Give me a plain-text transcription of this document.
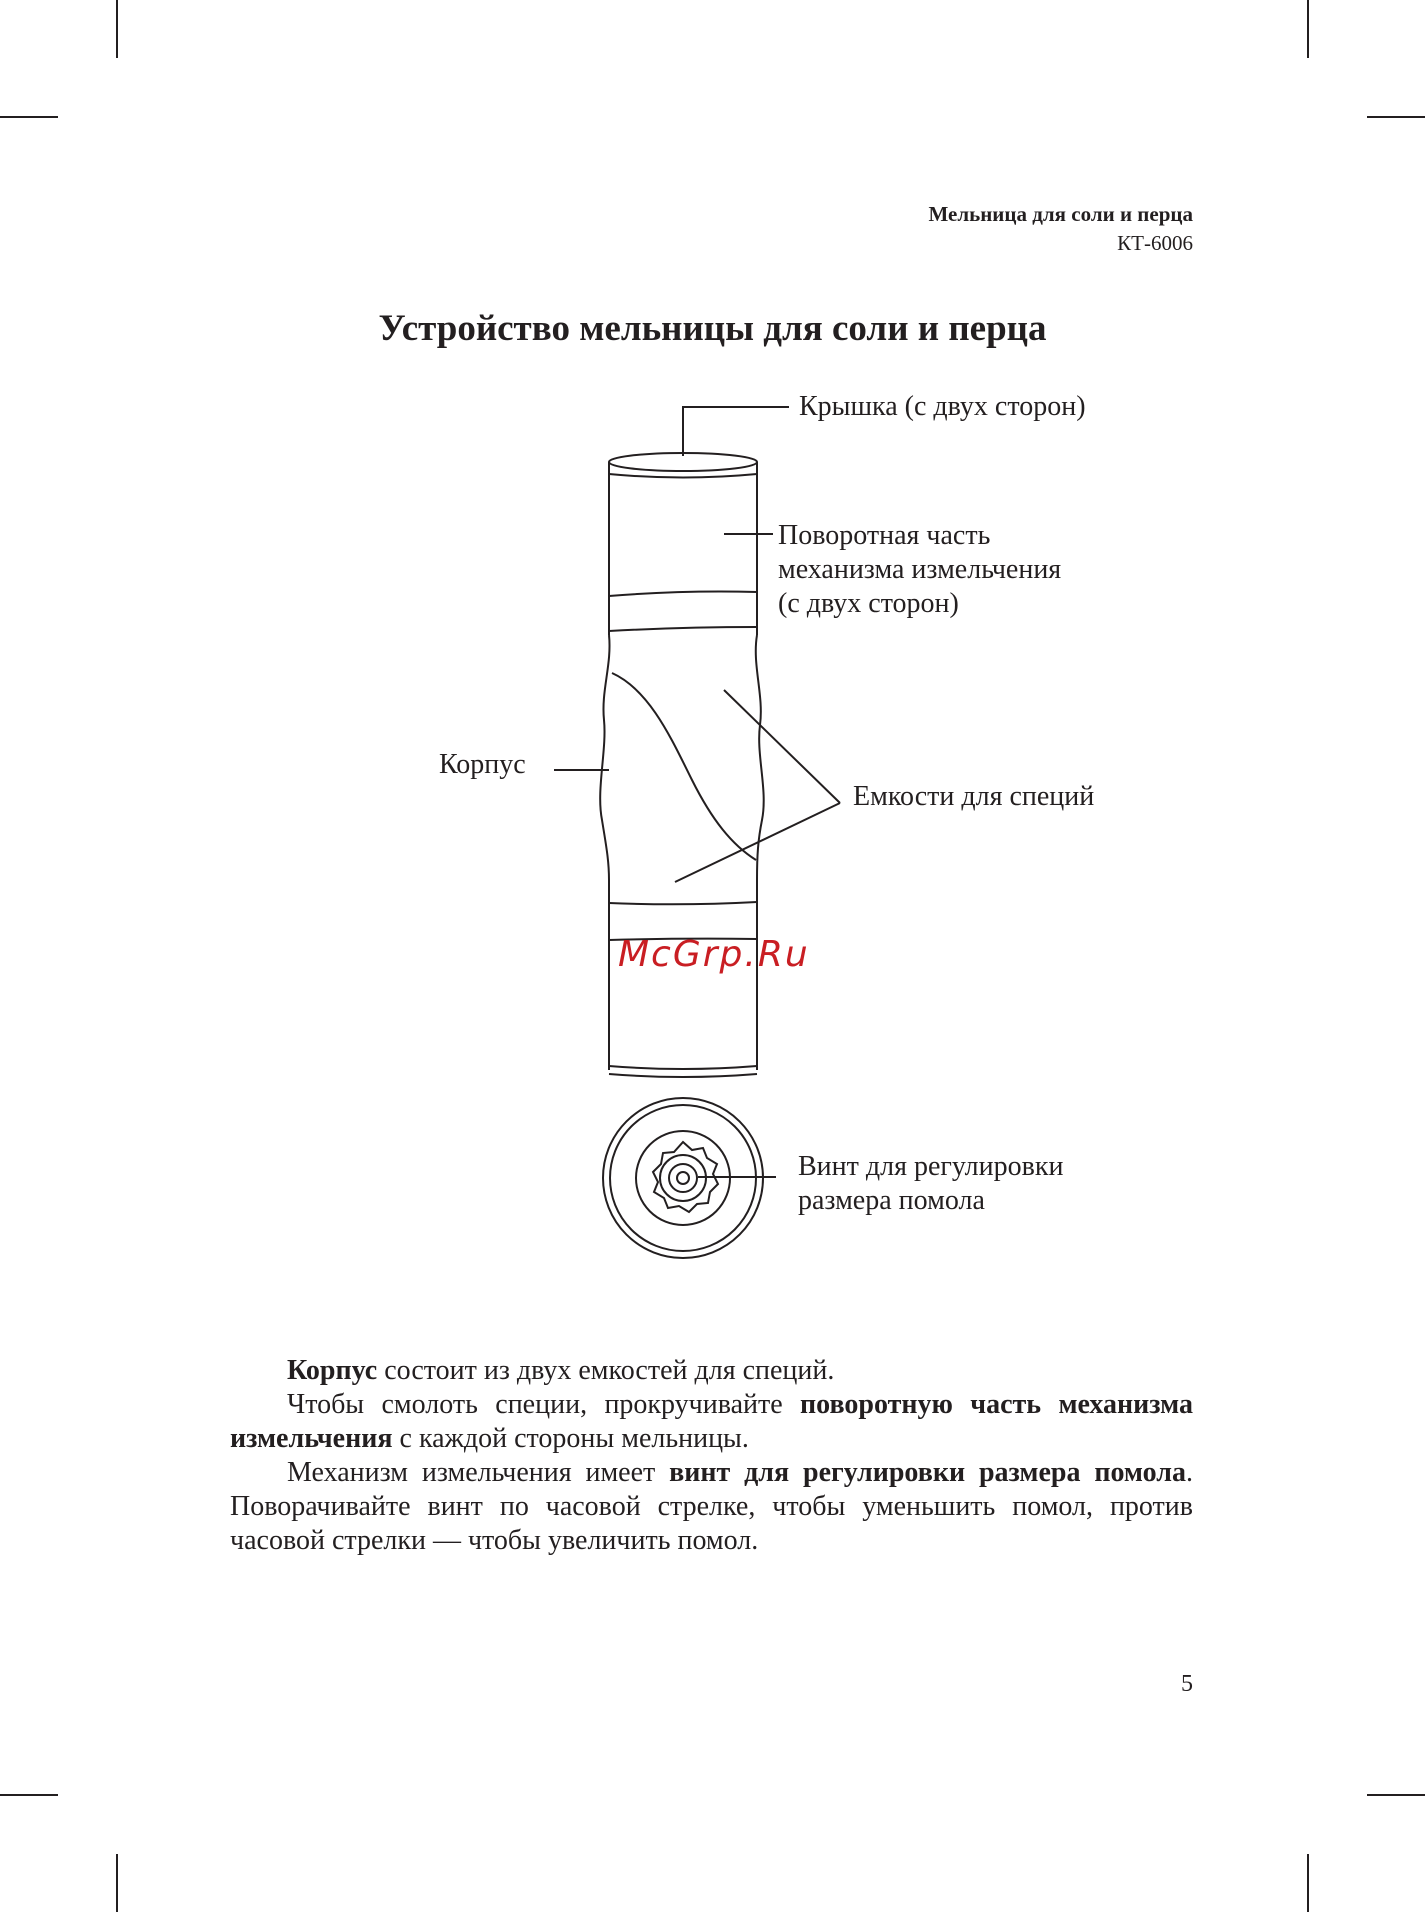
Мельница для соли и перца
КТ-6006
Устройство мельницы для соли и перца
Крышка (с двух сторон)
Поворотная часть
механизма измельчения
(с двух сторон)
Корпус
Емкости для специй
Винт для регулировки
размера помола
McGrp.Ru

Корпус состоит из двух емкостей для специй.

Чтобы смолоть специи, прокручивайте поворотную часть механизма измельчения с каждой стороны мельницы.

Механизм измельчения имеет винт для регулировки размера помола. Поворачивайте винт по часовой стрелке, чтобы уменьшить помол, против часовой стрелки — чтобы увеличить помол.

5
